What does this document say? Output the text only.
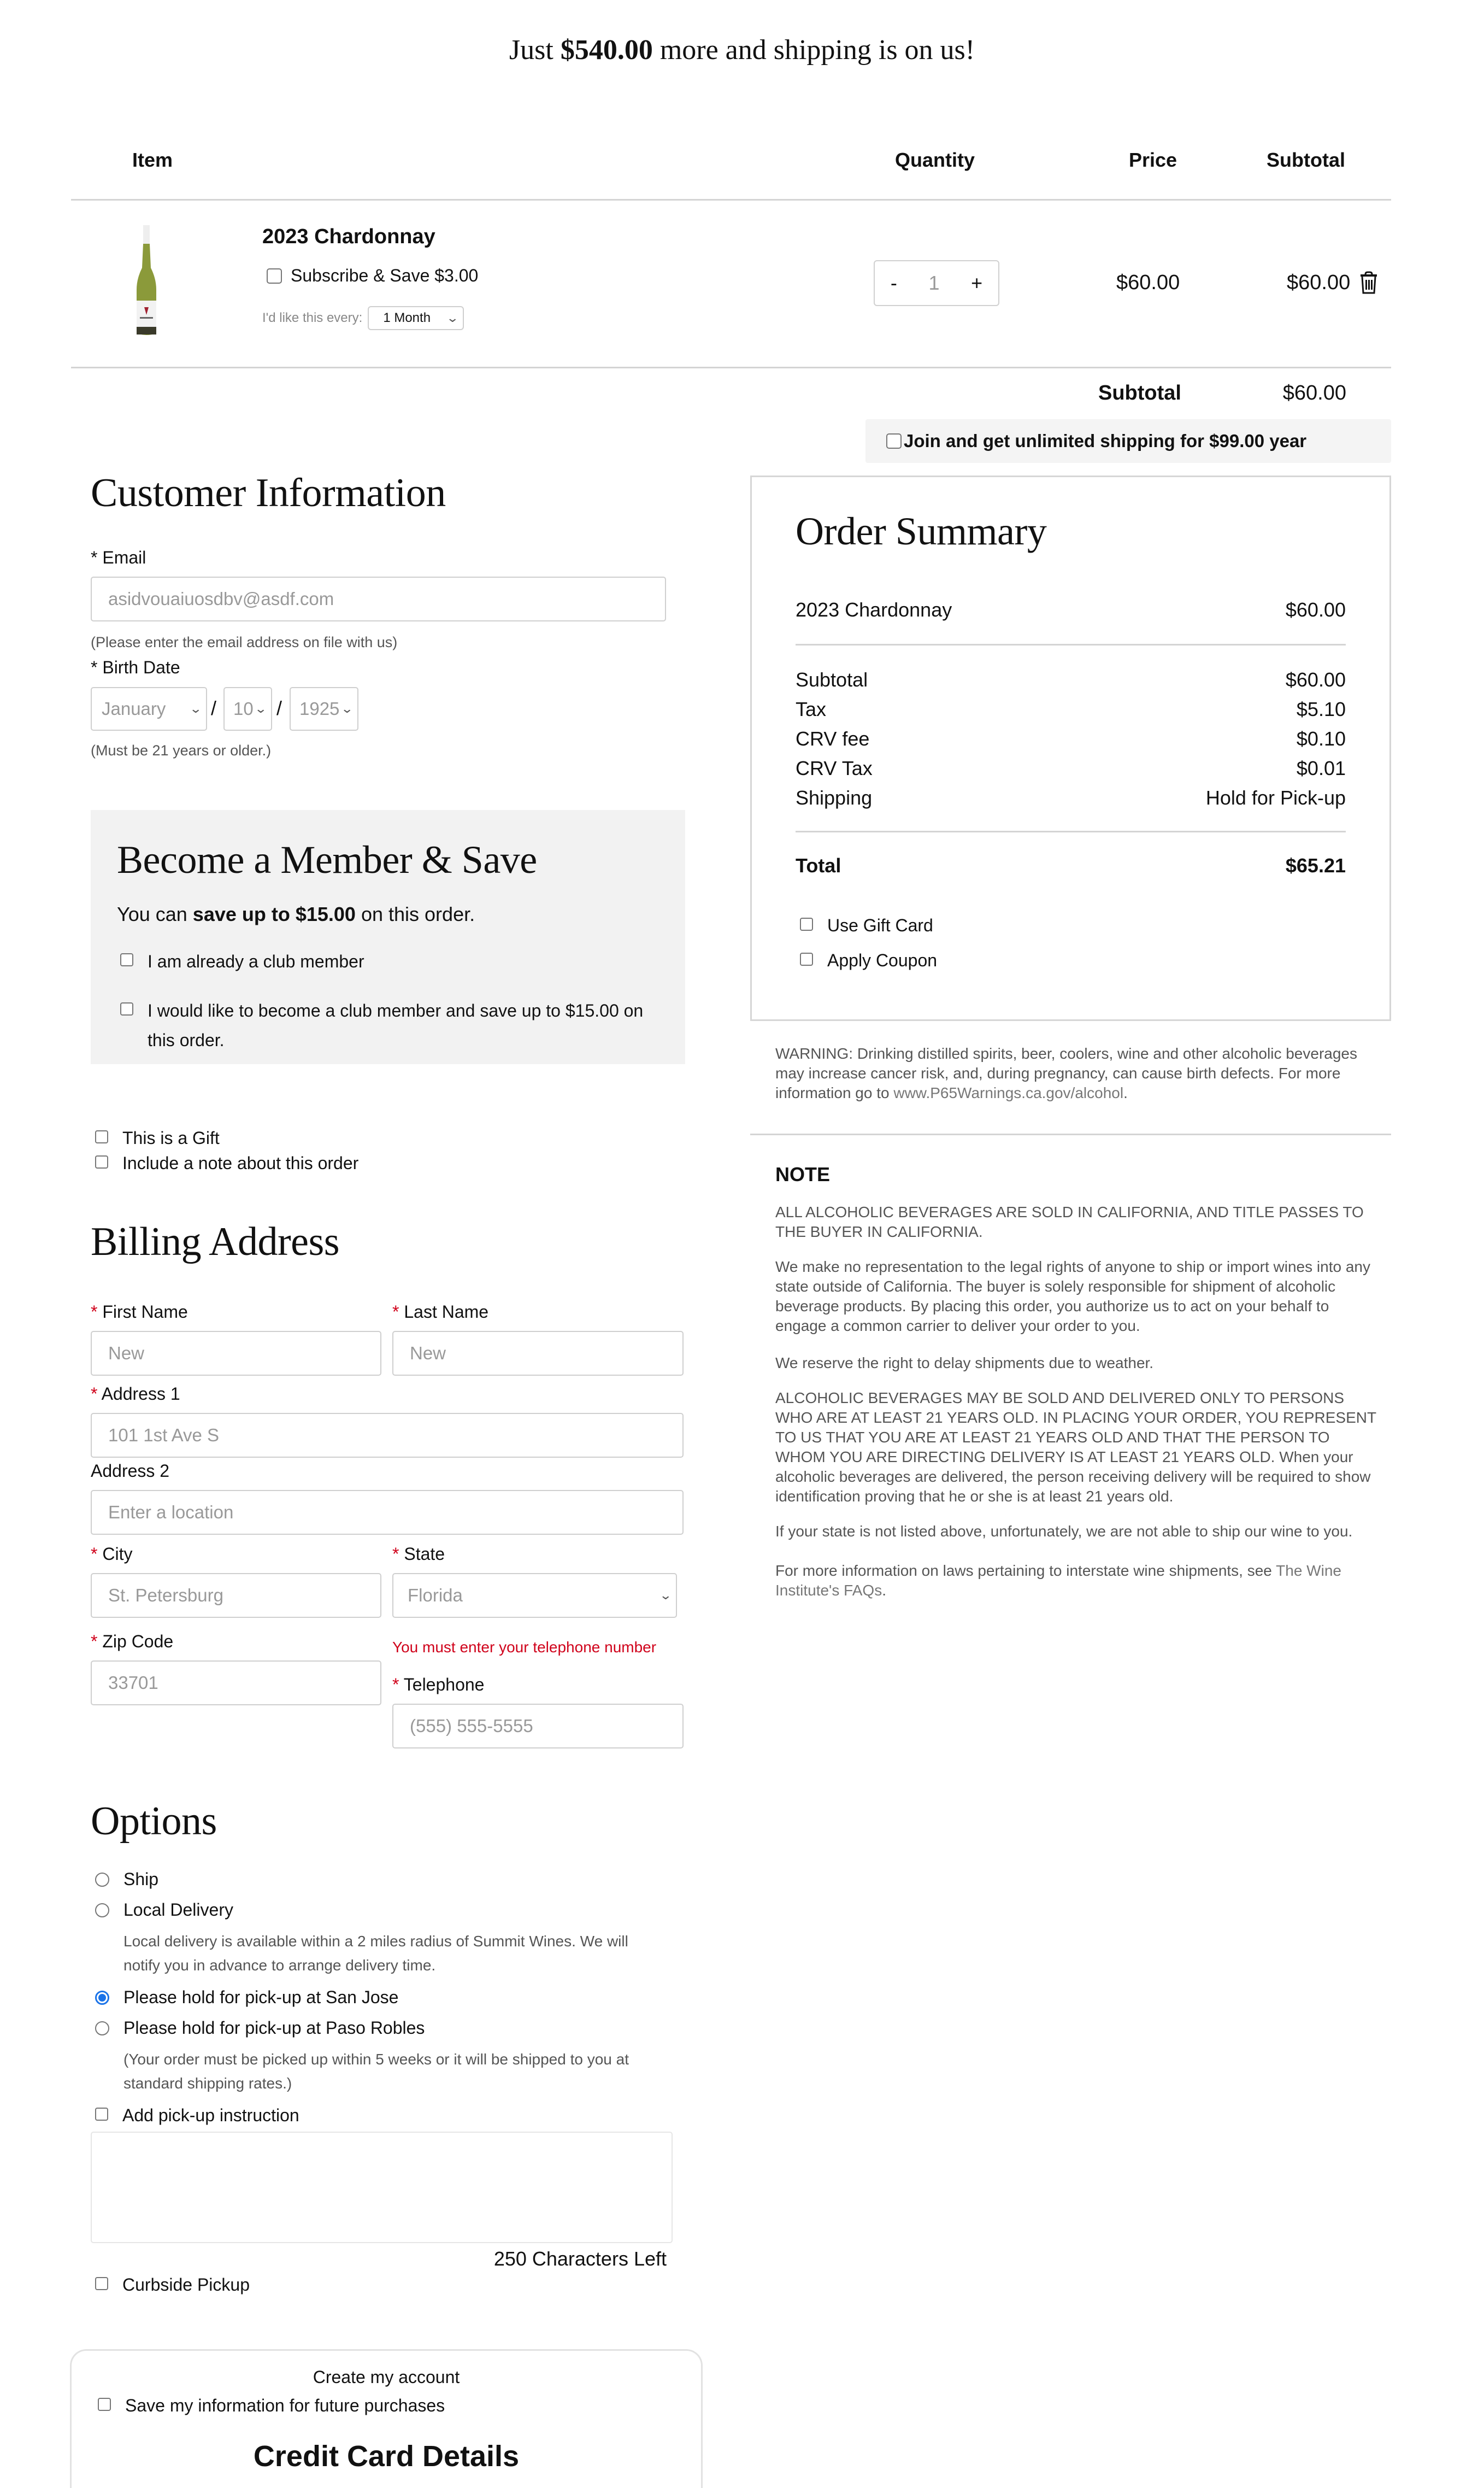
Just $540.00 more and shipping is on us!
Item	Quantity	Price	Subtotal
2023 Chardonnay
Subscribe & Save $3.00
I'd like this every: 1 Month ⌄
- 1 +	$60.00	$60.00
Subtotal	$60.00
Join and get unlimited shipping for $99.00 year
Customer Information
* Email
asidvouaiuosdbv@asdf.com
(Please enter the email address on file with us)
* Birth Date
January ⌄ / 10 ⌄ / 1925 ⌄
(Must be 21 years or older.)
Become a Member & Save
You can save up to $15.00 on this order.
I am already a club member
I would like to become a club member and save up to $15.00 on this order.
This is a Gift
Include a note about this order
Billing Address
* First Name
New
* Last Name
New
* Address 1
101 1st Ave S
Address 2
Enter a location
* City
St. Petersburg
* State
Florida	⌄
* Zip Code
33701
You must enter your telephone number
* Telephone
(555) 555-5555
Options
Ship
Local Delivery
Local delivery is available within a 2 miles radius of Summit Wines. We will notify you in advance to arrange delivery time.
Please hold for pick-up at San Jose
Please hold for pick-up at Paso Robles
(Your order must be picked up within 5 weeks or it will be shipped to you at standard shipping rates.)
Add pick-up instruction
250 Characters Left
Curbside Pickup
Create my account
Save my information for future purchases
Credit Card Details
Order Summary
2023 Chardonnay	$60.00
Subtotal	$60.00
Tax	$5.10
CRV fee	$0.10
CRV Tax	$0.01
Shipping	Hold for Pick-up
Total	$65.21
Use Gift Card
Apply Coupon
WARNING: Drinking distilled spirits, beer, coolers, wine and other alcoholic beverages may increase cancer risk, and, during pregnancy, can cause birth defects. For more information go to www.P65Warnings.ca.gov/alcohol.
NOTE
ALL ALCOHOLIC BEVERAGES ARE SOLD IN CALIFORNIA, AND TITLE PASSES TO THE BUYER IN CALIFORNIA.
We make no representation to the legal rights of anyone to ship or import wines into any state outside of California. The buyer is solely responsible for shipment of alcoholic beverage products. By placing this order, you authorize us to act on your behalf to engage a common carrier to deliver your order to you.
We reserve the right to delay shipments due to weather.
ALCOHOLIC BEVERAGES MAY BE SOLD AND DELIVERED ONLY TO PERSONS WHO ARE AT LEAST 21 YEARS OLD. IN PLACING YOUR ORDER, YOU REPRESENT TO US THAT YOU ARE AT LEAST 21 YEARS OLD AND THAT THE PERSON TO WHOM YOU ARE DIRECTING DELIVERY IS AT LEAST 21 YEARS OLD. When your alcoholic beverages are delivered, the person receiving delivery will be required to show identification proving that he or she is at least 21 years old.
If your state is not listed above, unfortunately, we are not able to ship our wine to you.
For more information on laws pertaining to interstate wine shipments, see The Wine Institute's FAQs.
